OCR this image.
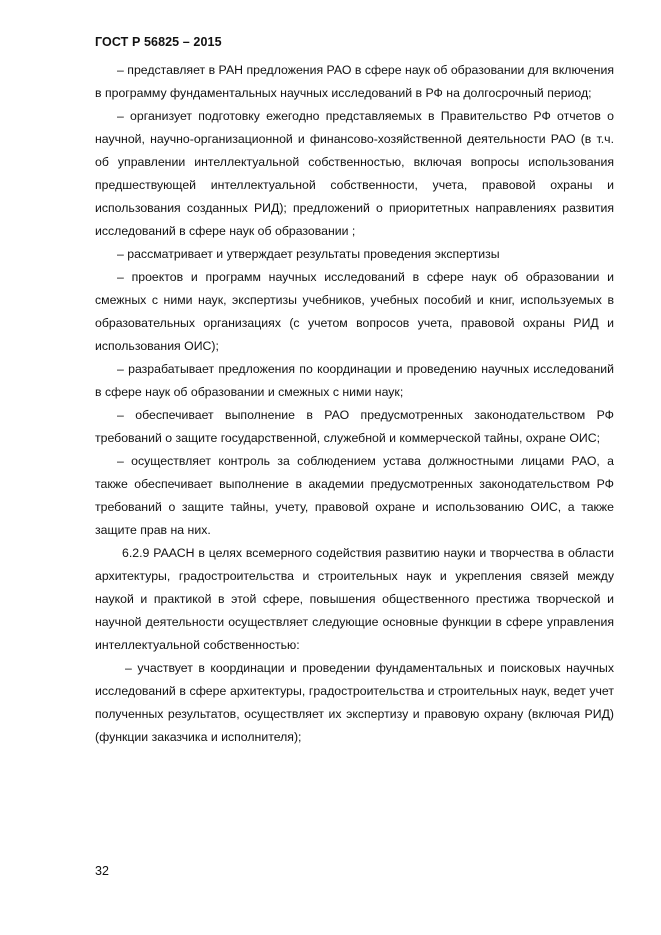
ГОСТ Р 56825 – 2015

– представляет в РАН предложения РАО в сфере наук об образовании для включения в программу фундаментальных научных исследований в РФ на долгосрочный период;

– организует подготовку ежегодно представляемых в Правительство РФ отчетов о научной, научно-организационной и финансово-хозяйственной деятельности РАО (в т.ч. об управлении интеллектуальной собственностью, включая вопросы использования предшествующей интеллектуальной собственности, учета, правовой охраны и использования созданных РИД); предложений о приоритетных направлениях развития исследований в сфере наук об образовании ;

– рассматривает и утверждает результаты проведения экспертизы

– проектов и программ научных исследований в сфере наук об образовании и смежных с ними наук, экспертизы учебников, учебных пособий и книг, используемых в образовательных организациях (с учетом вопросов учета, правовой охраны РИД и использования ОИС);

– разрабатывает предложения по координации и проведению научных исследований в сфере наук об образовании и смежных с ними наук;

– обеспечивает выполнение в РАО предусмотренных законодательством РФ требований о защите государственной, служебной и коммерческой тайны, охране ОИС;

– осуществляет контроль за соблюдением устава должностными лицами РАО, а также обеспечивает выполнение в академии предусмотренных законодательством РФ требований о защите тайны, учету, правовой охране и использованию ОИС, а также защите прав на них.

6.2.9 РААСН в целях всемерного содействия развитию науки и творчества в области архитектуры, градостроительства и строительных наук и укрепления связей между наукой и практикой в этой сфере, повышения общественного престижа творческой и научной деятельности осуществляет следующие основные функции в сфере управления интеллектуальной собственностью:

– участвует в координации и проведении фундаментальных и поисковых научных исследований в сфере архитектуры, градостроительства и строительных наук, ведет учет полученных результатов, осуществляет их экспертизу и правовую охрану (включая РИД) (функции заказчика и исполнителя);

32
